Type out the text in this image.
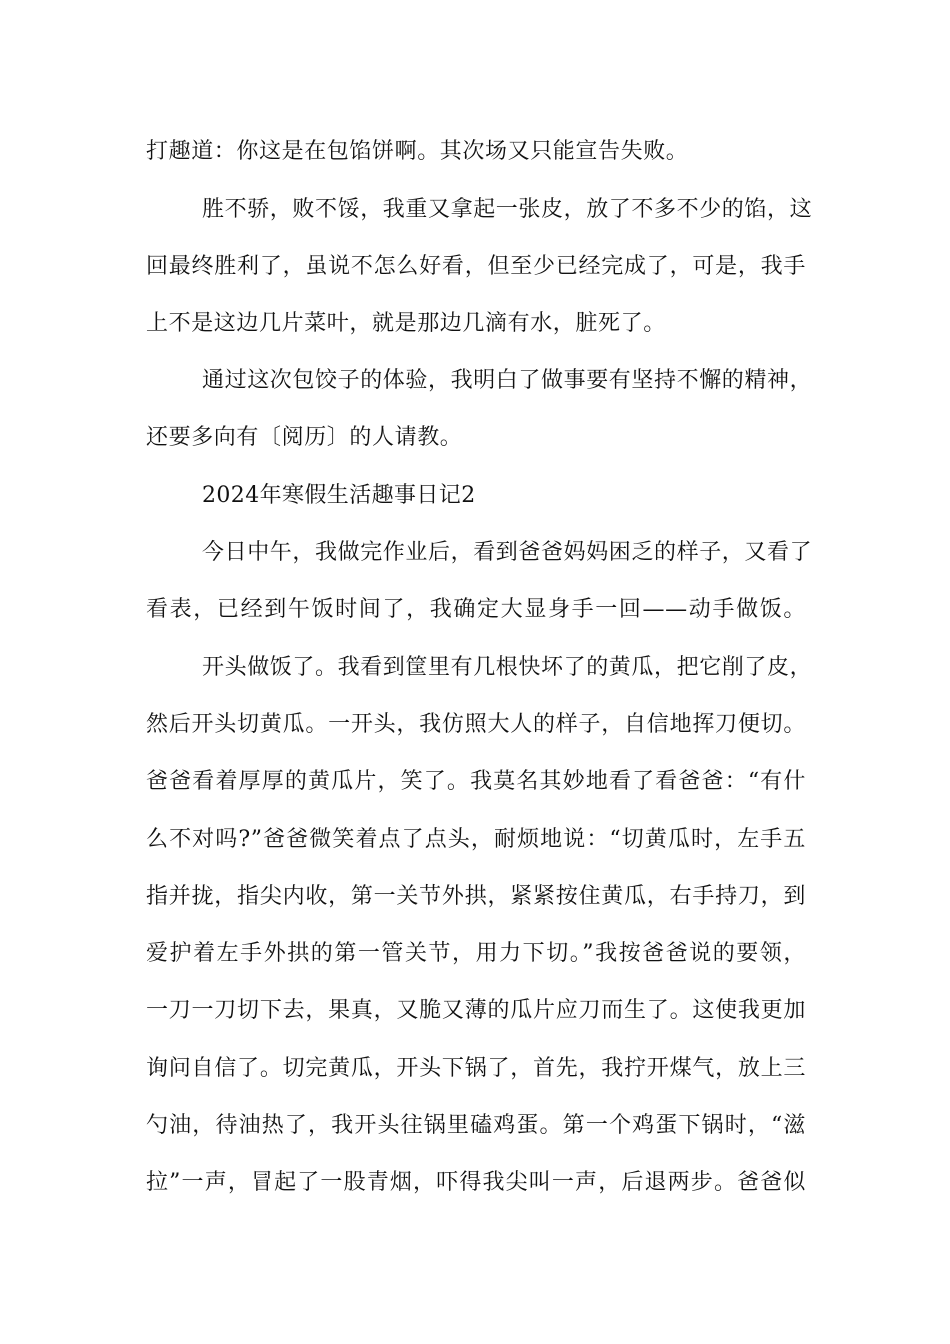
打趣道：你这是在包馅饼啊。其次场又只能宣告失败。
胜不骄，败不馁，我重又拿起一张皮，放了不多不少的馅，这
回最终胜利了，虽说不怎么好看，但至少已经完成了，可是，我手
上不是这边几片菜叶，就是那边几滴有水，脏死了。
通过这次包饺子的体验，我明白了做事要有坚持不懈的精神，
还要多向有〔阅历〕的人请教。
2024年寒假生活趣事日记2
今日中午，我做完作业后，看到爸爸妈妈困乏的样子，又看了
看表，已经到午饭时间了，我确定大显身手一回——动手做饭。
开头做饭了。我看到筐里有几根快坏了的黄瓜，把它削了皮，
然后开头切黄瓜。一开头，我仿照大人的样子，自信地挥刀便切。
爸爸看着厚厚的黄瓜片，笑了。我莫名其妙地看了看爸爸：“有什
么不对吗?”爸爸微笑着点了点头，耐烦地说：“切黄瓜时，左手五
指并拢，指尖内收，第一关节外拱，紧紧按住黄瓜，右手持刀，到
爱护着左手外拱的第一管关节，用力下切。”我按爸爸说的要领，
一刀一刀切下去，果真，又脆又薄的瓜片应刀而生了。这使我更加
询问自信了。切完黄瓜，开头下锅了，首先，我拧开煤气，放上三
勺油，待油热了，我开头往锅里磕鸡蛋。第一个鸡蛋下锅时，“滋
拉”一声，冒起了一股青烟，吓得我尖叫一声，后退两步。爸爸似
